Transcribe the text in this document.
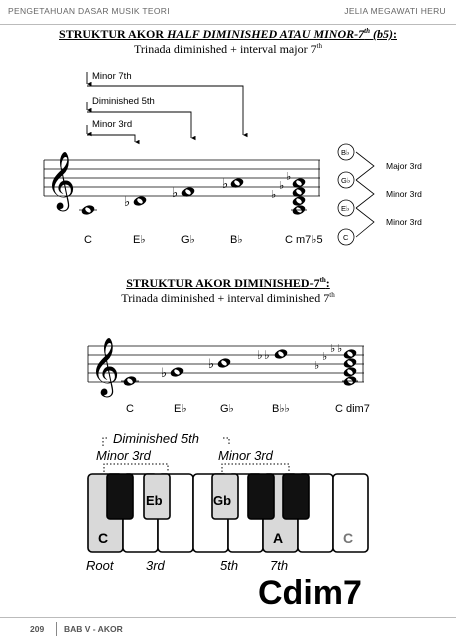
PENGETAHUAN DASAR MUSIK TEORI	JELIA MEGAWATI HERU
STRUKTUR AKOR HALF DIMINISHED ATAU MINOR-7th (b5):
Trinada diminished + interval major 7th
STRUKTUR AKOR DIMINISHED-7th:
Trinada diminished + interval diminished 7th
Minor 7th
Diminished 5th
Minor 3rd
𝄞	♭
♭
♭
♭
♭
♭
C	E♭	G♭	B♭	C m7♭5
B♭
G♭
E♭
C
Major 3rd
Minor 3rd
Minor 3rd
𝄞	♭
♭
♭ ♭
♭
♭
♭ ♭
C	E♭	G♭	B♭♭	C dim7
Diminished 5th
Minor 3rd	Minor 3rd
C
Eb	Gb
A	C
Root	3rd	5th 7th
Cdim7
209 BAB V - AKOR
